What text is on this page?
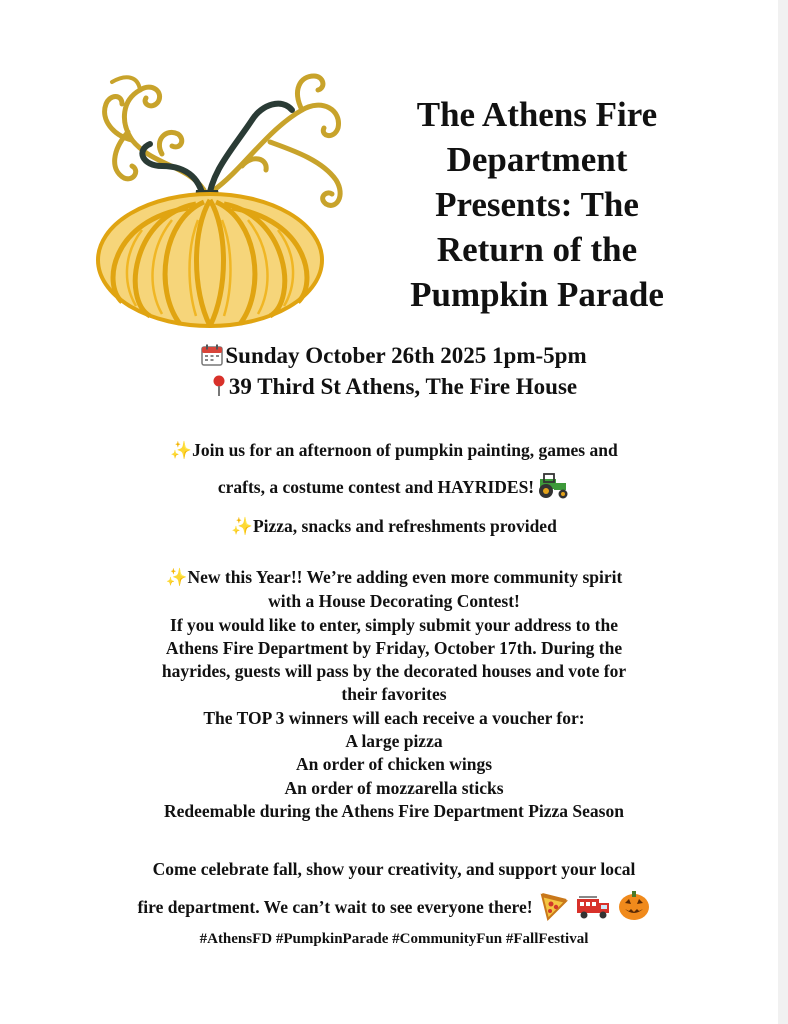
The Athens Fire Department Presents: The Return of the Pumpkin Parade

Sunday October 26th 2025 1pm-5pm

39 Third St Athens, The Fire House

✨Join us for an afternoon of pumpkin painting, games and

crafts, a costume contest and HAYRIDES!

✨Pizza, snacks and refreshments provided

✨New this Year!! We’re adding even more community spirit

with a House Decorating Contest!

If you would like to enter, simply submit your address to the

Athens Fire Department by Friday, October 17th. During the

hayrides, guests will pass by the decorated houses and vote for

their favorites

The TOP 3 winners will each receive a voucher for:

A large pizza

An order of chicken wings

An order of mozzarella sticks

Redeemable during the Athens Fire Department Pizza Season

Come celebrate fall, show your creativity, and support your local

fire department. We can’t wait to see everyone there!

#AthensFD #PumpkinParade #CommunityFun #FallFestival
